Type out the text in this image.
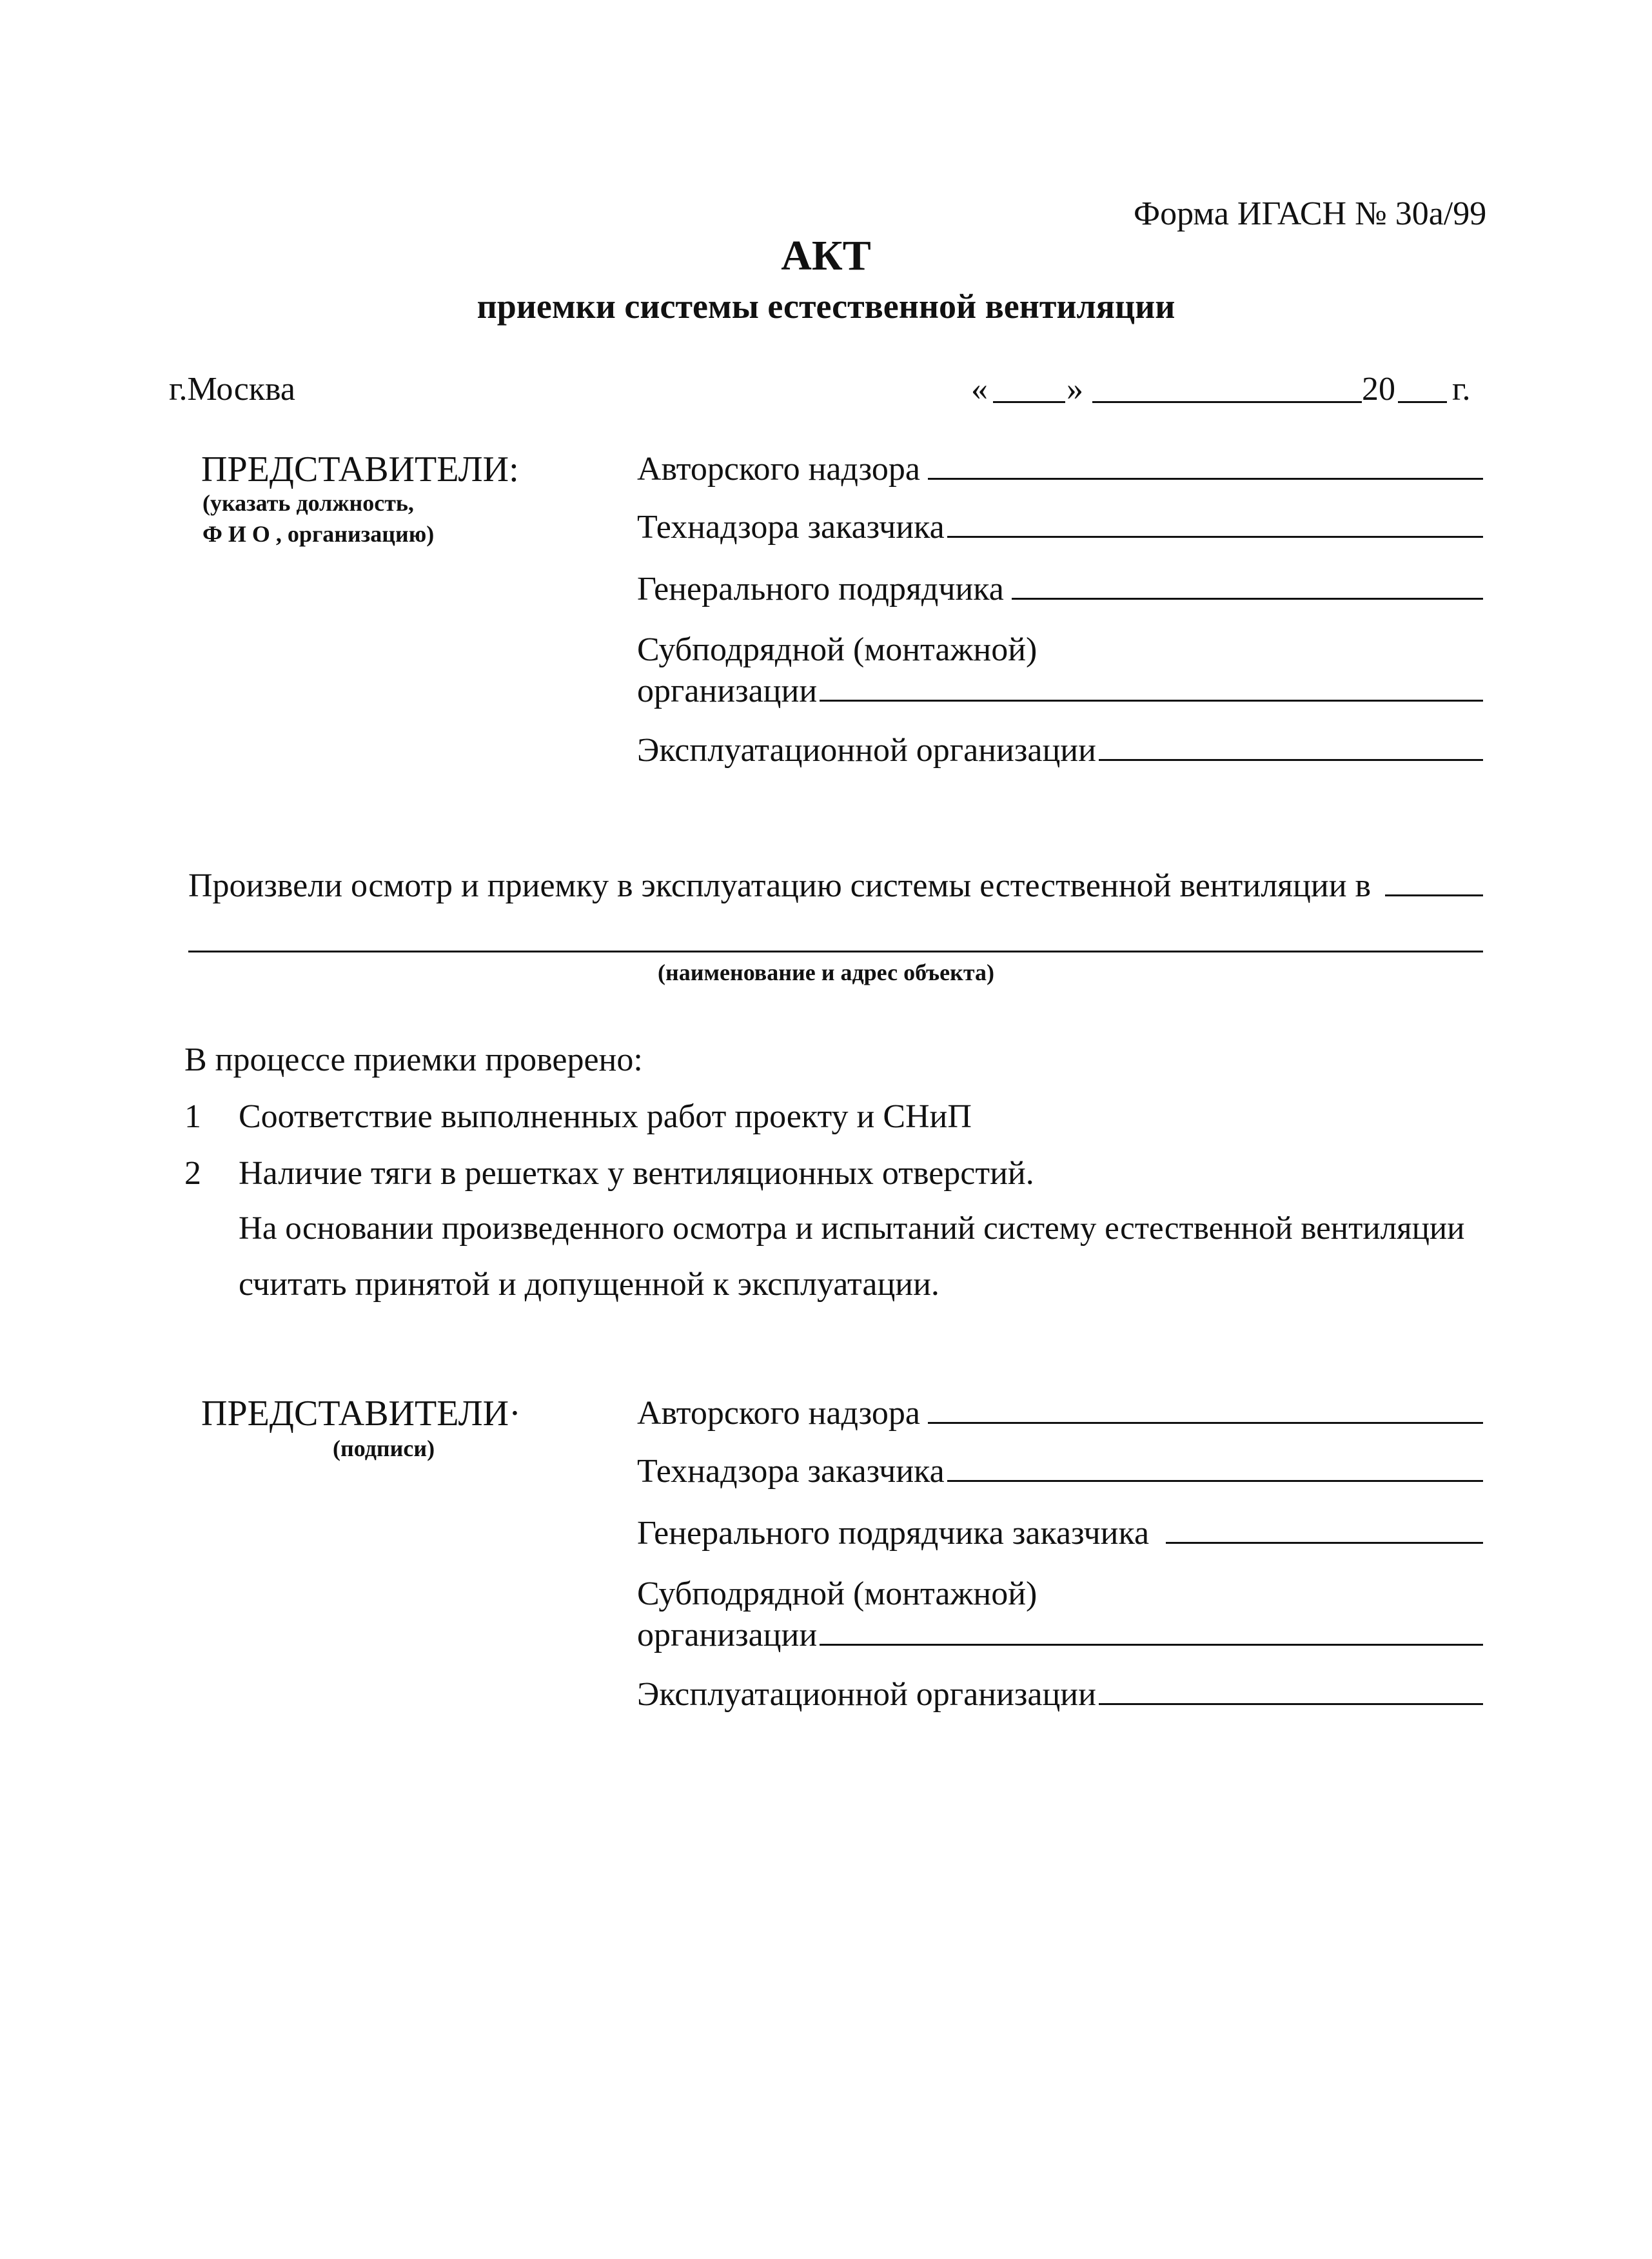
Форма ИГАСН № 30а/99
АКТ
приемки системы естественной вентиляции
г.Москва	« »	20 г.
ПРЕДСТАВИТЕЛИ:
(указать должность,
Ф И О , организацию)
Авторского надзора
Технадзора заказчика
Генерального подрядчика
Субподрядной (монтажной)
организации
Эксплуатационной организации
Произвели осмотр и приемку в эксплуатацию системы естественной вентиляции в
(наименование и адрес объекта)
В процессе приемки проверено:
1 Соответствие выполненных работ проекту и СНиП
2 Наличие тяги в решетках у вентиляционных отверстий.
На основании произведенного осмотра и испытаний систему естественной вентиляции
считать принятой и допущенной к эксплуатации.
ПРЕДСТАВИТЕЛИ·
(подписи)
Авторского надзора
Технадзора заказчика
Генерального подрядчика заказчика
Субподрядной (монтажной)
организации
Эксплуатационной организации
